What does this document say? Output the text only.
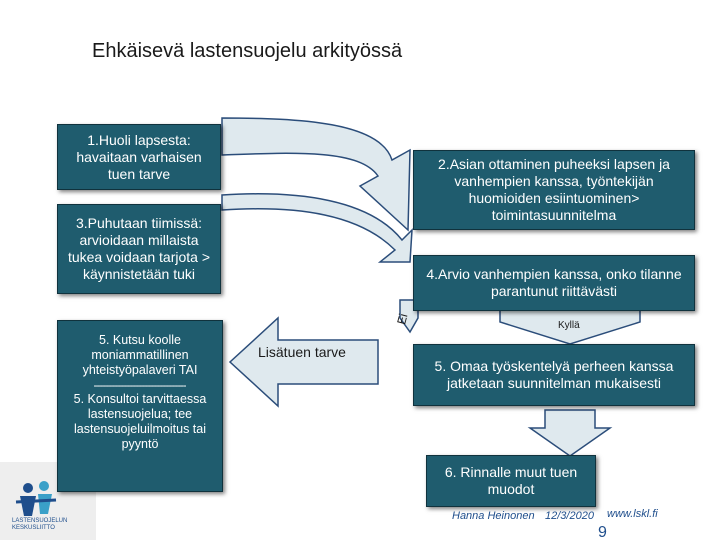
Ehkäisevä lastensuojelu arkityössä
1.Huoli lapsesta: havaitaan varhaisen tuen tarve
2.Asian ottaminen puheeksi lapsen ja vanhempien kanssa, työntekijän huomioiden esiintuominen> toimintasuunnitelma
3.Puhutaan tiimissä: arvioidaan millaista tukea voidaan tarjota > käynnistetään tuki	4.Arvio vanhempien kanssa, onko tilanne parantunut riittävästi
5. Kutsu koolle moniammatillinen yhteistyöpalaveri TAI
-------------------------------
5. Konsultoi tarvittaessa lastensuojelua; tee lastensuojeluilmoitus tai pyyntö
5. Omaa työskentelyä perheen kanssa jatketaan suunnitelman mukaisesti
6. Rinnalle muut tuen muodot
Ei	Kyllä
Lisätuen tarve
Hanna Heinonen 12/3/2020 www.lskl.fi
9
LASTENSUOJELUN
KESKUSLIITTO
